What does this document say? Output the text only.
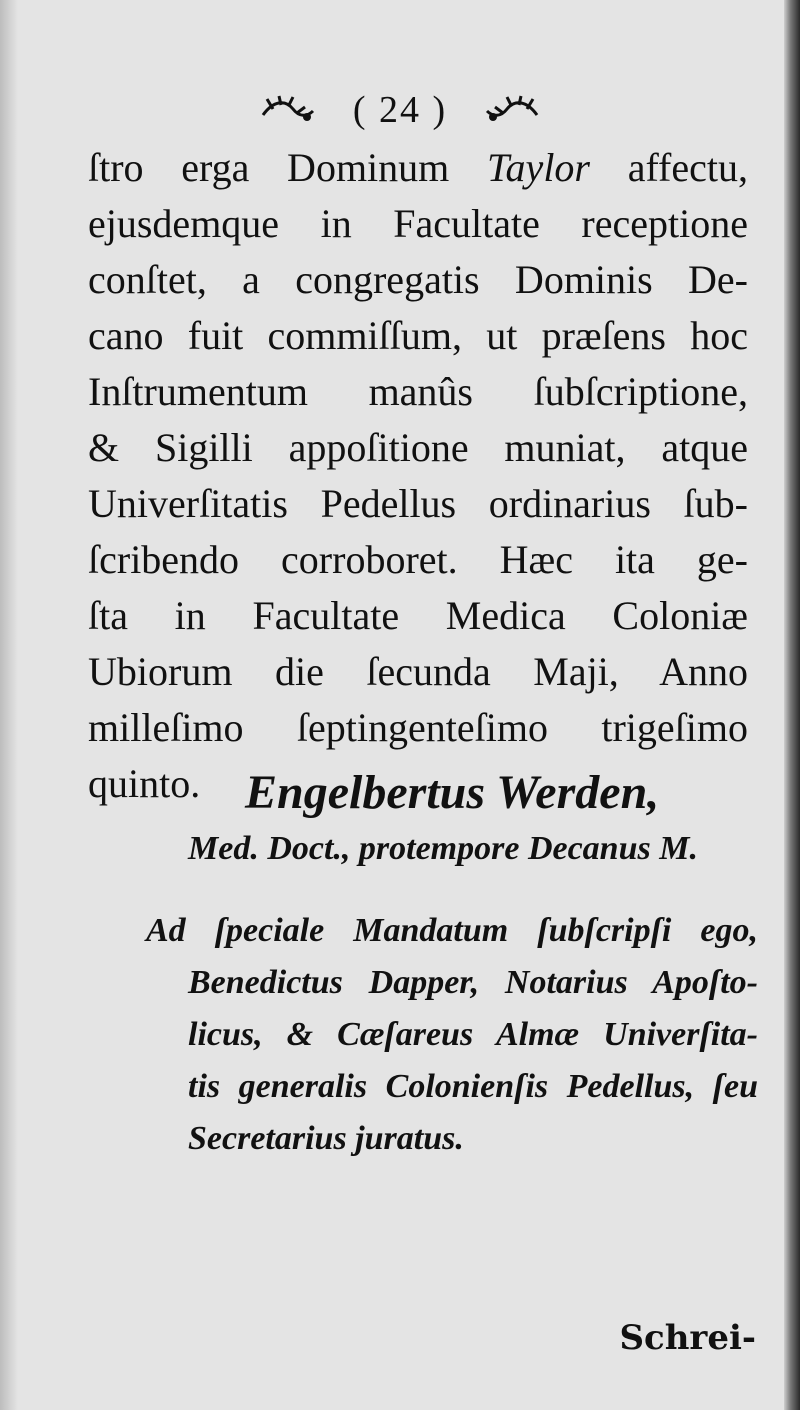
( 24 )
ſtro erga Dominum Taylor affectu,
ejusdemque in Facultate receptione
conſtet, a congregatis Dominis De-
cano fuit commiſſum, ut præſens hoc
Inſtrumentum manûs ſubſcriptione,
& Sigilli appoſitione muniat, atque
Univerſitatis Pedellus ordinarius ſub-
ſcribendo corroboret. Hæc ita ge-
ſta in Facultate Medica Coloniæ
Ubiorum die ſecunda Maji, Anno
milleſimo ſeptingenteſimo trigeſimo
quinto. Engelbertus Werden,
Med. Doct., protempore Decanus M.
Ad ſpeciale Mandatum ſubſcripſi ego,
Benedictus Dapper, Notarius Apoſto-
licus, & Cæſareus Almæ Univerſita-
tis generalis Colonienſis Pedellus, ſeu
Secretarius juratus.
Schrei-
